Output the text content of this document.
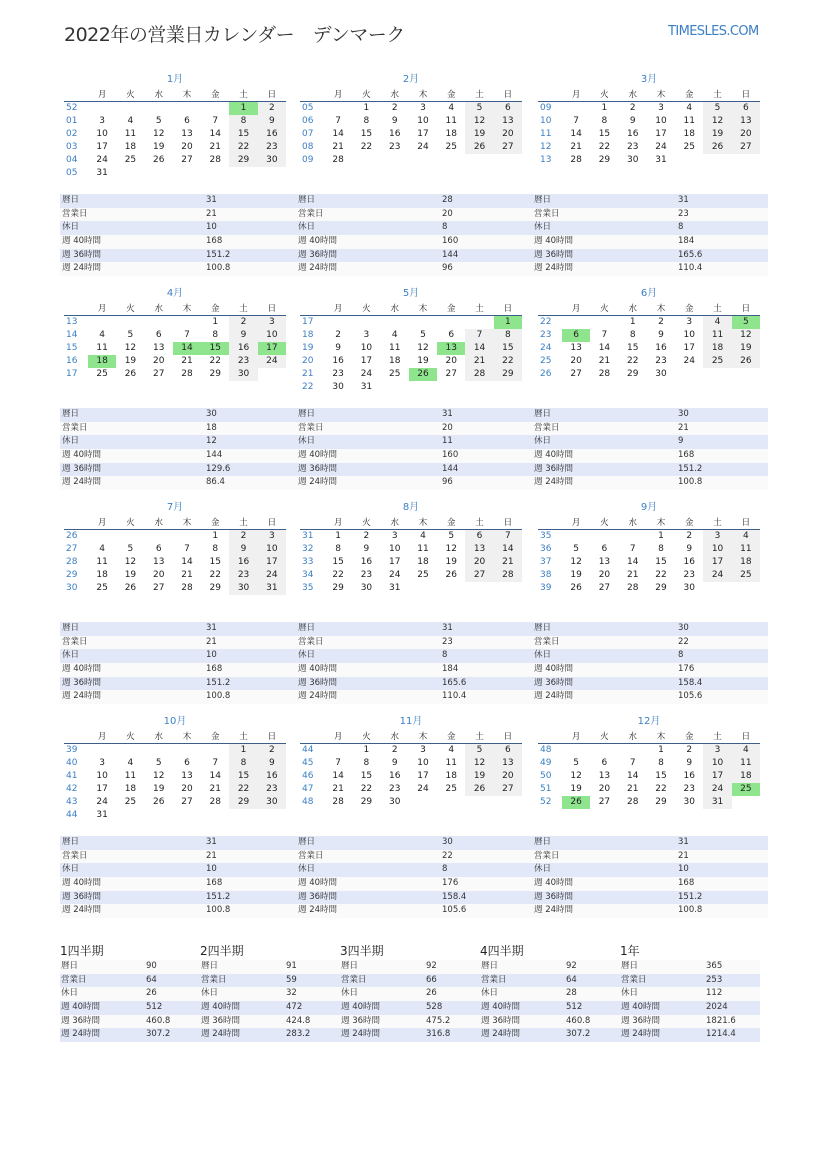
2022年の営業日カレンダー　デンマーク	TIMESLES.COM
1月
	月	火	水	木	金	土	日
52						1	2
01	3	4	5	6	7	8	9
02	10	11	12	13	14	15	16
03	17	18	19	20	21	22	23
04	24	25	26	27	28	29	30
05	31						
暦日	31
営業日	21
休日	10
週 40時間	168
週 36時間	151.2
週 24時間	100.8
2月
	月	火	水	木	金	土	日
05		1	2	3	4	5	6
06	7	8	9	10	11	12	13
07	14	15	16	17	18	19	20
08	21	22	23	24	25	26	27
09	28						
暦日	28
営業日	20
休日	8
週 40時間	160
週 36時間	144
週 24時間	96
3月
	月	火	水	木	金	土	日
09		1	2	3	4	5	6
10	7	8	9	10	11	12	13
11	14	15	16	17	18	19	20
12	21	22	23	24	25	26	27
13	28	29	30	31			
暦日	31
営業日	23
休日	8
週 40時間	184
週 36時間	165.6
週 24時間	110.4
4月
	月	火	水	木	金	土	日
13					1	2	3
14	4	5	6	7	8	9	10
15	11	12	13	14	15	16	17
16	18	19	20	21	22	23	24
17	25	26	27	28	29	30	
暦日	30
営業日	18
休日	12
週 40時間	144
週 36時間	129.6
週 24時間	86.4
5月
	月	火	水	木	金	土	日
17							1
18	2	3	4	5	6	7	8
19	9	10	11	12	13	14	15
20	16	17	18	19	20	21	22
21	23	24	25	26	27	28	29
22	30	31					
暦日	31
営業日	20
休日	11
週 40時間	160
週 36時間	144
週 24時間	96
6月
	月	火	水	木	金	土	日
22			1	2	3	4	5
23	6	7	8	9	10	11	12
24	13	14	15	16	17	18	19
25	20	21	22	23	24	25	26
26	27	28	29	30			
暦日	30
営業日	21
休日	9
週 40時間	168
週 36時間	151.2
週 24時間	100.8
7月
	月	火	水	木	金	土	日
26					1	2	3
27	4	5	6	7	8	9	10
28	11	12	13	14	15	16	17
29	18	19	20	21	22	23	24
30	25	26	27	28	29	30	31
暦日	31
営業日	21
休日	10
週 40時間	168
週 36時間	151.2
週 24時間	100.8
8月
	月	火	水	木	金	土	日
31	1	2	3	4	5	6	7
32	8	9	10	11	12	13	14
33	15	16	17	18	19	20	21
34	22	23	24	25	26	27	28
35	29	30	31				
暦日	31
営業日	23
休日	8
週 40時間	184
週 36時間	165.6
週 24時間	110.4
9月
	月	火	水	木	金	土	日
35				1	2	3	4
36	5	6	7	8	9	10	11
37	12	13	14	15	16	17	18
38	19	20	21	22	23	24	25
39	26	27	28	29	30		
暦日	30
営業日	22
休日	8
週 40時間	176
週 36時間	158.4
週 24時間	105.6
10月
	月	火	水	木	金	土	日
39						1	2
40	3	4	5	6	7	8	9
41	10	11	12	13	14	15	16
42	17	18	19	20	21	22	23
43	24	25	26	27	28	29	30
44	31						
暦日	31
営業日	21
休日	10
週 40時間	168
週 36時間	151.2
週 24時間	100.8
11月
	月	火	水	木	金	土	日
44		1	2	3	4	5	6
45	7	8	9	10	11	12	13
46	14	15	16	17	18	19	20
47	21	22	23	24	25	26	27
48	28	29	30				
暦日	30
営業日	22
休日	8
週 40時間	176
週 36時間	158.4
週 24時間	105.6
12月
	月	火	水	木	金	土	日
48				1	2	3	4
49	5	6	7	8	9	10	11
50	12	13	14	15	16	17	18
51	19	20	21	22	23	24	25
52	26	27	28	29	30	31	
暦日	31
営業日	21
休日	10
週 40時間	168
週 36時間	151.2
週 24時間	100.8
1四半期
暦日	90
営業日	64
休日	26
週 40時間	512
週 36時間	460.8
週 24時間	307.2
2四半期
暦日	91
営業日	59
休日	32
週 40時間	472
週 36時間	424.8
週 24時間	283.2
3四半期
暦日	92
営業日	66
休日	26
週 40時間	528
週 36時間	475.2
週 24時間	316.8
4四半期
暦日	92
営業日	64
休日	28
週 40時間	512
週 36時間	460.8
週 24時間	307.2
1年
暦日	365
営業日	253
休日	112
週 40時間	2024
週 36時間	1821.6
週 24時間	1214.4
